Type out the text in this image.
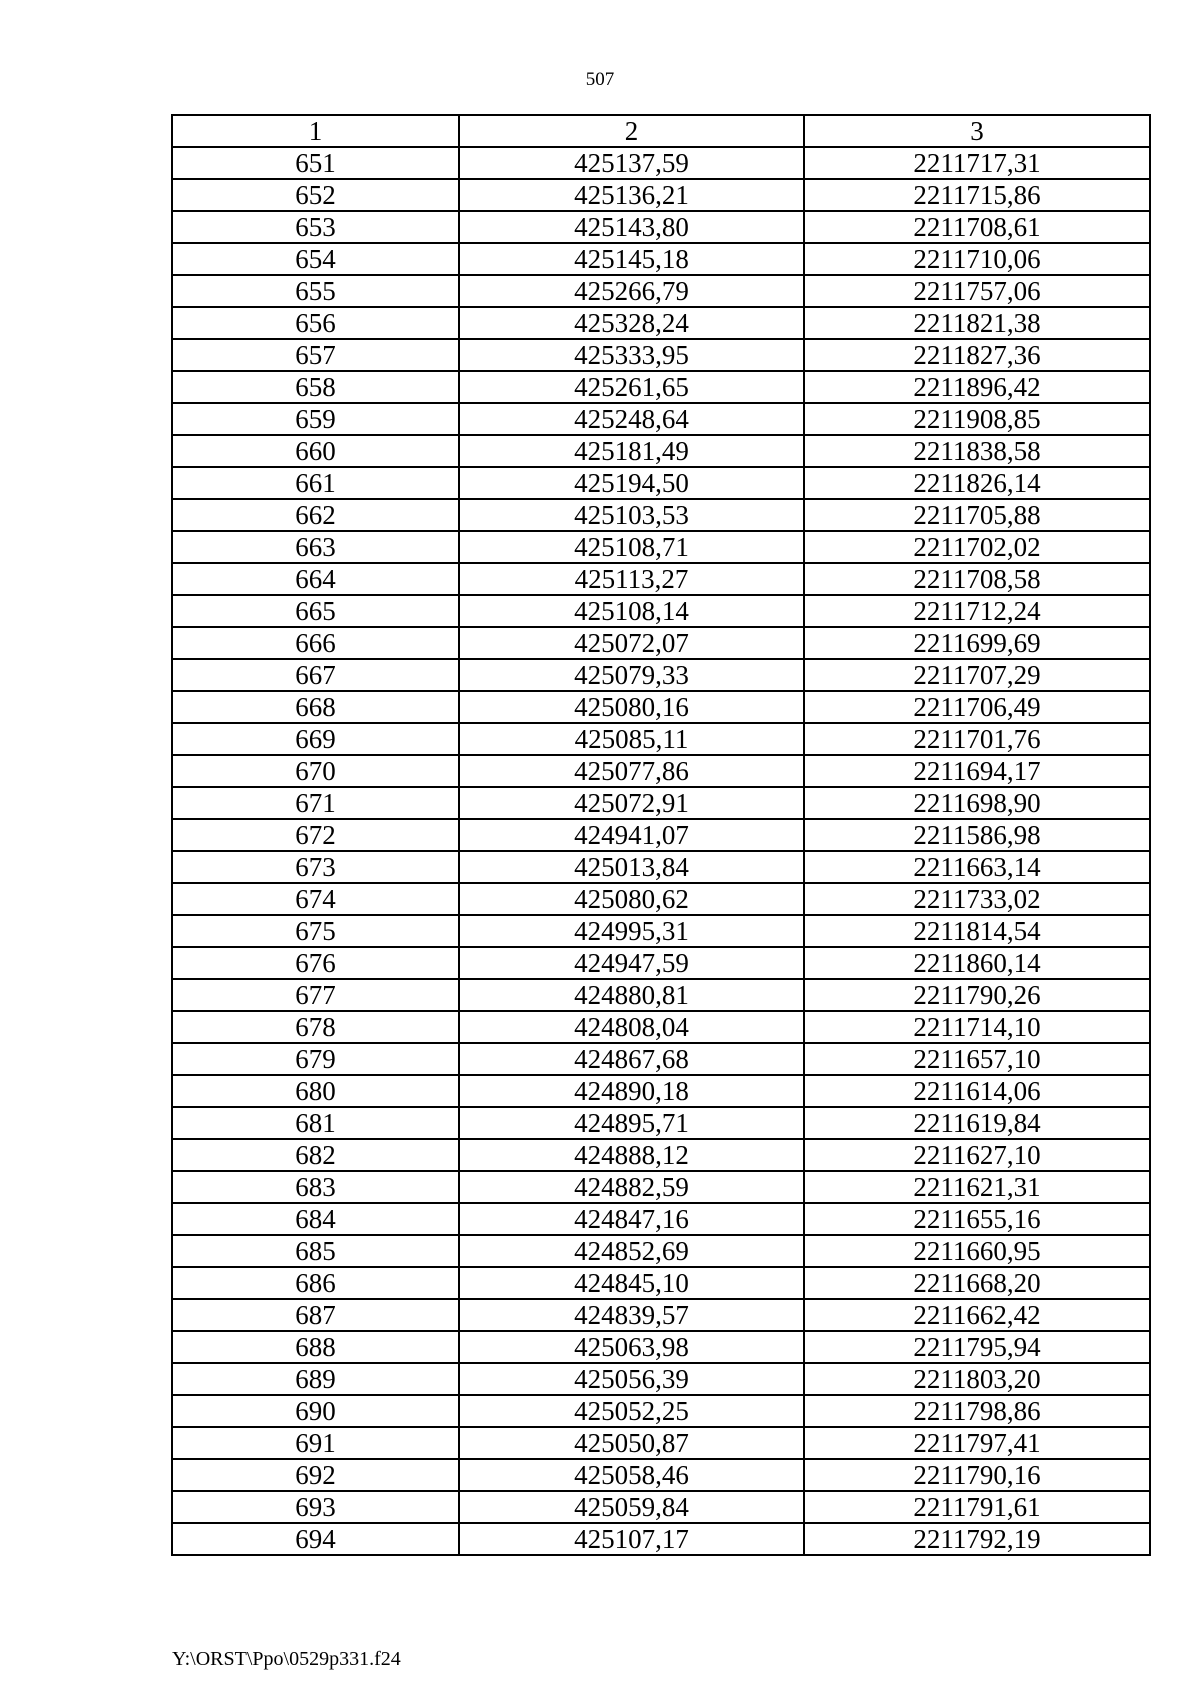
507
1	2	3
651	425137,59	2211717,31
652	425136,21	2211715,86
653	425143,80	2211708,61
654	425145,18	2211710,06
655	425266,79	2211757,06
656	425328,24	2211821,38
657	425333,95	2211827,36
658	425261,65	2211896,42
659	425248,64	2211908,85
660	425181,49	2211838,58
661	425194,50	2211826,14
662	425103,53	2211705,88
663	425108,71	2211702,02
664	425113,27	2211708,58
665	425108,14	2211712,24
666	425072,07	2211699,69
667	425079,33	2211707,29
668	425080,16	2211706,49
669	425085,11	2211701,76
670	425077,86	2211694,17
671	425072,91	2211698,90
672	424941,07	2211586,98
673	425013,84	2211663,14
674	425080,62	2211733,02
675	424995,31	2211814,54
676	424947,59	2211860,14
677	424880,81	2211790,26
678	424808,04	2211714,10
679	424867,68	2211657,10
680	424890,18	2211614,06
681	424895,71	2211619,84
682	424888,12	2211627,10
683	424882,59	2211621,31
684	424847,16	2211655,16
685	424852,69	2211660,95
686	424845,10	2211668,20
687	424839,57	2211662,42
688	425063,98	2211795,94
689	425056,39	2211803,20
690	425052,25	2211798,86
691	425050,87	2211797,41
692	425058,46	2211790,16
693	425059,84	2211791,61
694	425107,17	2211792,19
Y:\ORST\Ppo\0529p331.f24
